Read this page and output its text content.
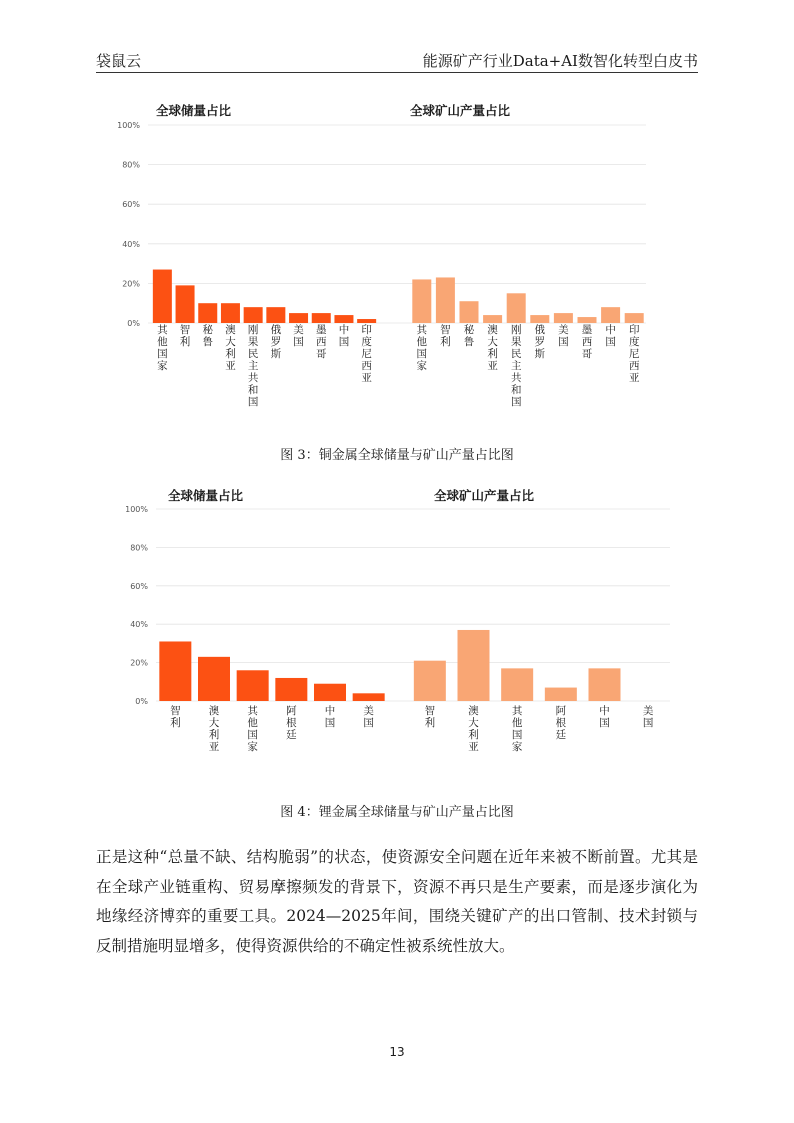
袋鼠云	能源矿产行业Data+AI数智化转型白皮书
100%
80%
60%
40%
20%
0%
全球储量占比
其他国家
智利
秘鲁
澳大利亚
刚果民主共和国
俄罗斯
美国
墨西哥
中国
印度尼西亚
全球矿山产量占比
其他国家
智利
秘鲁
澳大利亚
刚果民主共和国
俄罗斯
美国
墨西哥
中国
印度尼西亚
图 3：铜金属全球储量与矿山产量占比图
100%
80%
60%
40%
20%
0%
全球储量占比
智利
澳大利亚
其他国家
阿根廷
中国
美国
全球矿山产量占比
智利
澳大利亚
其他国家
阿根廷
中国
美国
图 4：锂金属全球储量与矿山产量占比图
正是这种“总量不缺、结构脆弱”的状态，使资源安全问题在近年来被不断前置。尤其是在全球产业链重构、贸易摩擦频发的背景下，资源不再只是生产要素，而是逐步演化为地缘经济博弈的重要工具。2024—2025年间，围绕关键矿产的出口管制、技术封锁与反制措施明显增多，使得资源供给的不确定性被系统性放大。
13
